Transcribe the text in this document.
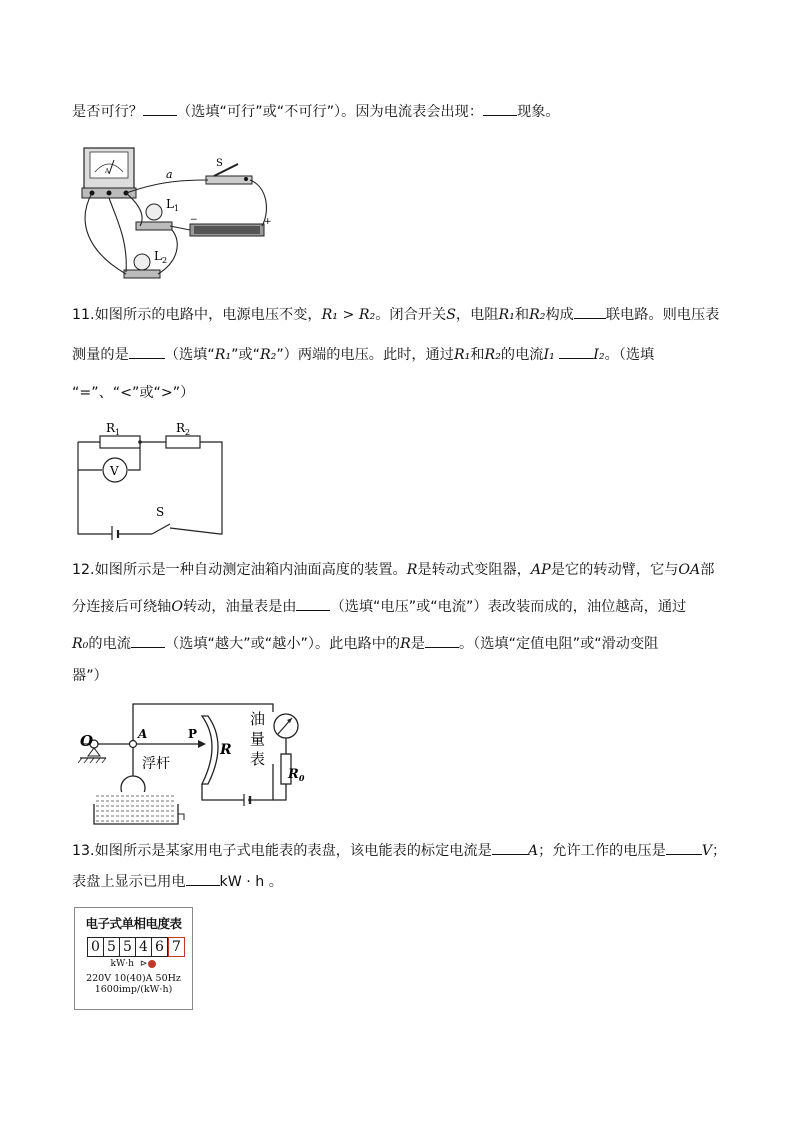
是否可行？ （选填“可行”或“不可行”）。因为电流表会出现： 现象。
A
S
a
−	+
$L_1$
$L_2$
11.如图所示的电路中，电源电压不变，R₁ > R₂。闭合开关S，电阻R₁和R₂构成 联电路。则电压表
测量的是	（选填“R₁”或“R₂”）两端的电压。此时，通过R₁和R₂的电流I₁	I₂。（选填
“=”、“<”或“>”）
V
S
$R_1$	$R_2$
12.如图所示是一种自动测定油箱内油面高度的装置。R是转动式变阻器，AP是它的转动臂，它与OA部
分连接后可绕轴O转动，油量表是由 （选填“电压”或“电流”）表改装而成的，油位越高，通过
R₀的电流 （选填“越大”或“越小”）。此电路中的R是 。（选填“定值电阻”或“滑动变阻
器”）
O	A	P
R
浮杆
油
量
表
$R_0$
13.如图所示是某家用电子式电能表的表盘，该电能表的标定电流是	A；允许工作的电压是	V；
表盘上显示已用电 kW · h 。
电子式单相电度表
0 5 5 4 6 7
kW·h ⊳
220V 10(40)A 50Hz
1600imp/(kW·h)
